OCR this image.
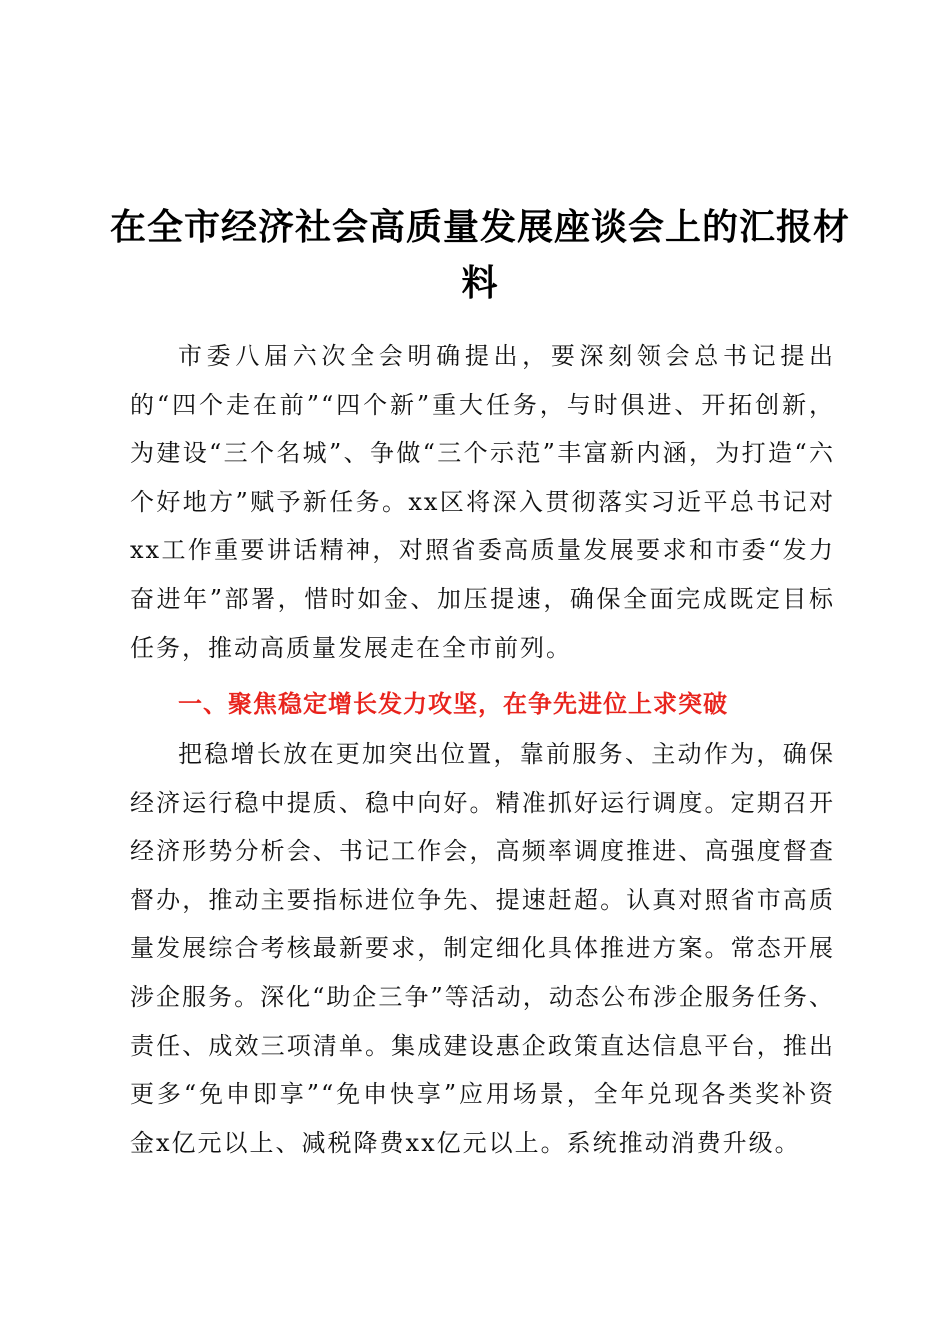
在全市经济社会高质量发展座谈会上的汇报材料

市委八届六次全会明确提出，要深刻领会总书记提出的“四个走在前”“四个新”重大任务，与时俱进、开拓创新，为建设“三个名城”、争做“三个示范”丰富新内涵，为打造“六个好地方”赋予新任务。xx区将深入贯彻落实习近平总书记对xx工作重要讲话精神，对照省委高质量发展要求和市委“发力奋进年”部署，惜时如金、加压提速，确保全面完成既定目标任务，推动高质量发展走在全市前列。

一、聚焦稳定增长发力攻坚，在争先进位上求突破

把稳增长放在更加突出位置，靠前服务、主动作为，确保经济运行稳中提质、稳中向好。精准抓好运行调度。定期召开经济形势分析会、书记工作会，高频率调度推进、高强度督查督办，推动主要指标进位争先、提速赶超。认真对照省市高质量发展综合考核最新要求，制定细化具体推进方案。常态开展涉企服务。深化“助企三争”等活动，动态公布涉企服务任务、责任、成效三项清单。集成建设惠企政策直达信息平台，推出更多“免申即享”“免申快享”应用场景，全年兑现各类奖补资金x亿元以上、减税降费xx亿元以上。系统推动消费升级。
